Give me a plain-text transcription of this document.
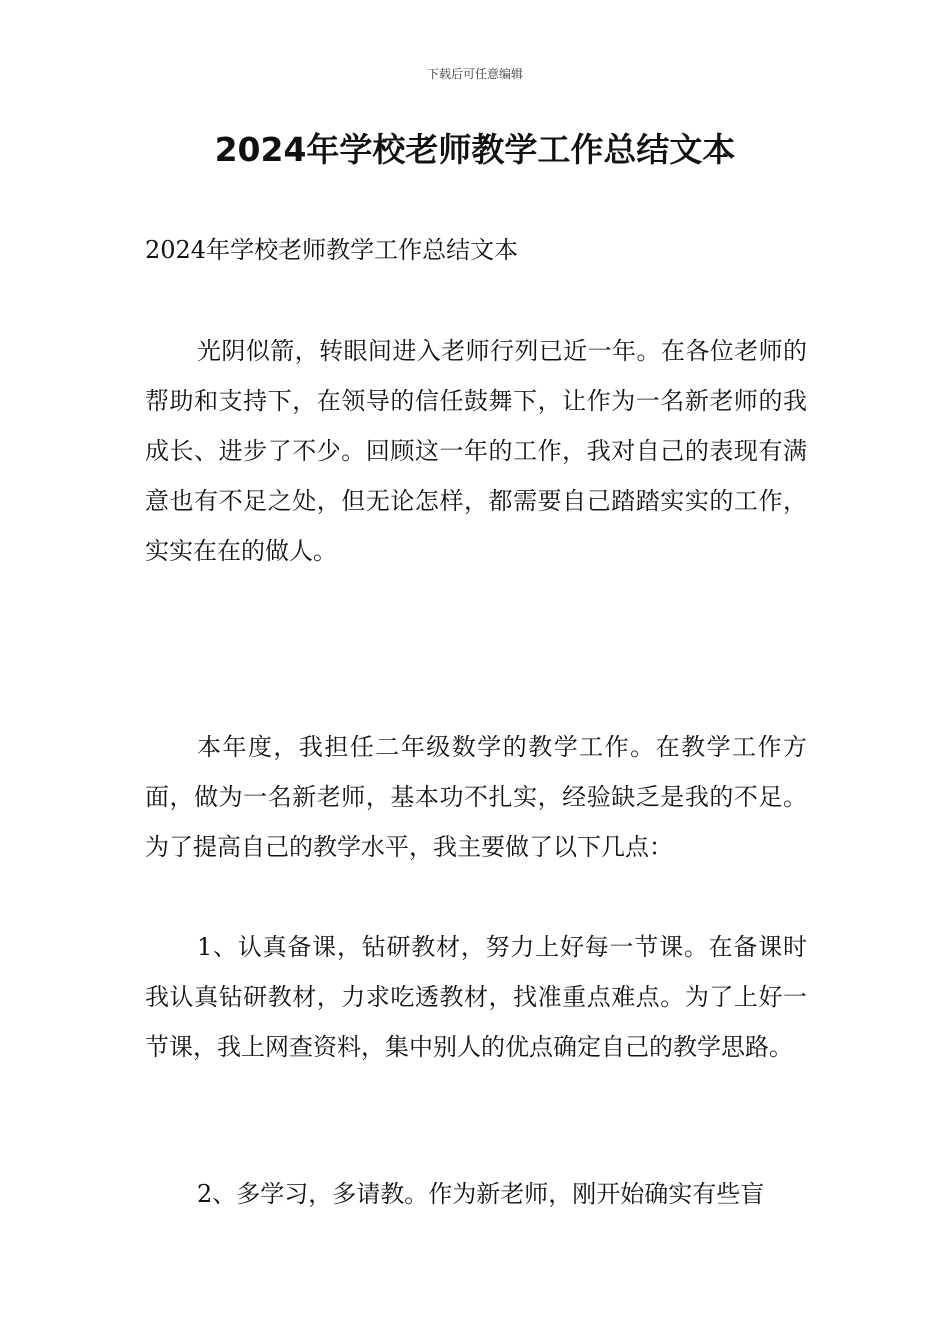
下载后可任意编辑
2024年学校老师教学工作总结文本
2024年学校老师教学工作总结文本

光阴似箭，转眼间进入老师行列已近一年。在各位老师的帮助和支持下，在领导的信任鼓舞下，让作为一名新老师的我成长、进步了不少。回顾这一年的工作，我对自己的表现有满意也有不足之处，但无论怎样，都需要自己踏踏实实的工作，实实在在的做人。

本年度，我担任二年级数学的教学工作。在教学工作方面，做为一名新老师，基本功不扎实，经验缺乏是我的不足。为了提高自己的教学水平，我主要做了以下几点：

1、认真备课，钻研教材，努力上好每一节课。在备课时我认真钻研教材，力求吃透教材，找准重点难点。为了上好一节课，我上网查资料，集中别人的优点确定自己的教学思路。

2、多学习，多请教。作为新老师，刚开始确实有些盲
